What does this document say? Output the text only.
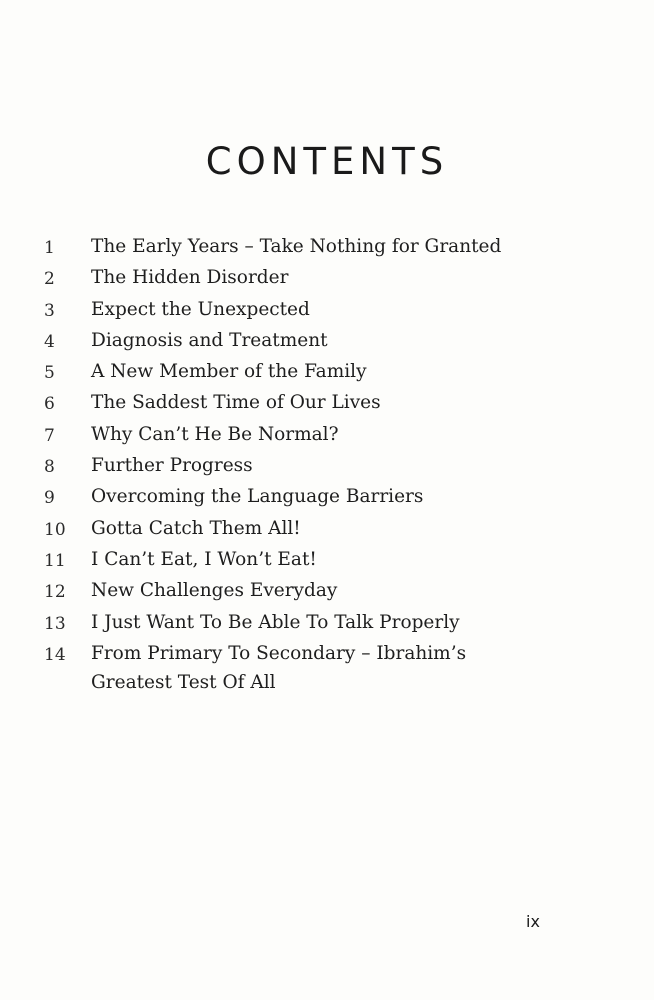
CONTENTS
1	The Early Years – Take Nothing for Granted
2	The Hidden Disorder
3	Expect the Unexpected
4	Diagnosis and Treatment
5	A New Member of the Family
6	The Saddest Time of Our Lives
7	Why Can’t He Be Normal?
8	Further Progress
9	Overcoming the Language Barriers
10	Gotta Catch Them All!
11	I Can’t Eat, I Won’t Eat!
12	New Challenges Everyday
13	I Just Want To Be Able To Talk Properly
14	From Primary To Secondary – Ibrahim’s Greatest Test Of All
ix
